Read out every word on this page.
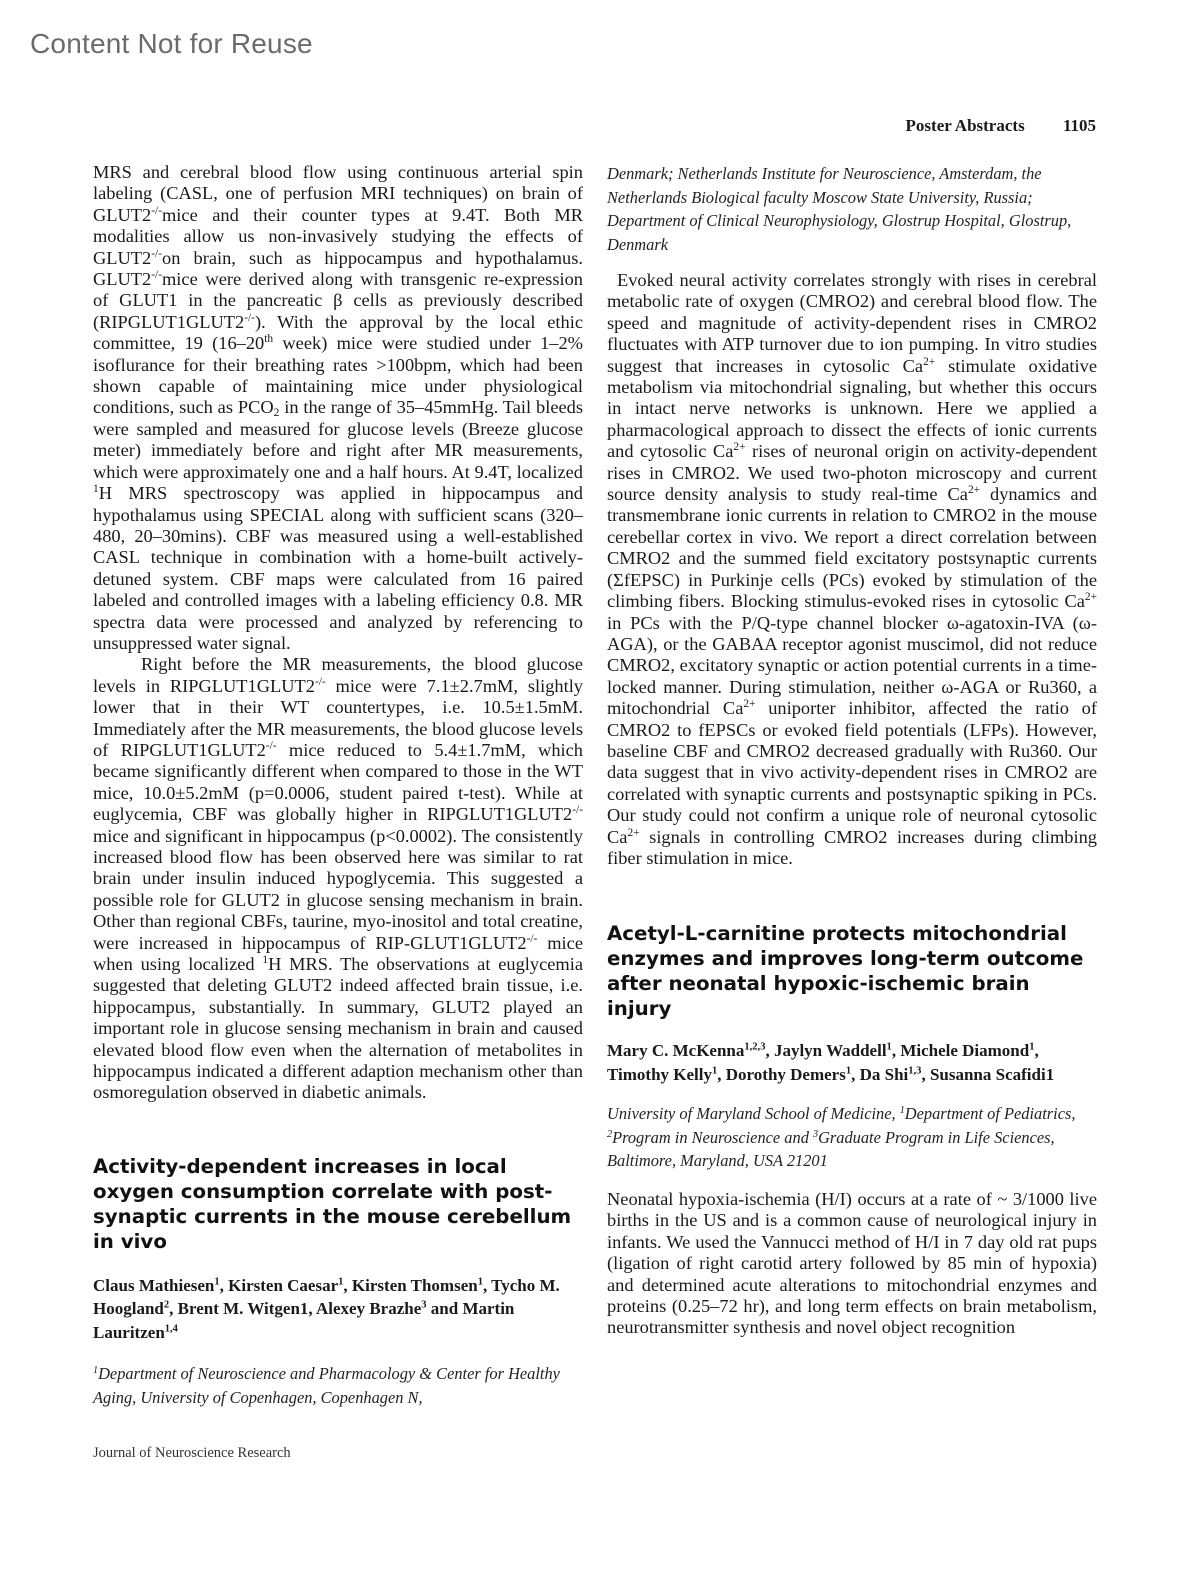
Content Not for Reuse
Poster Abstracts 1105

MRS and cerebral blood flow using continuous arterial spin labeling (CASL, one of perfusion MRI techniques) on brain of GLUT2-/-mice and their counter types at 9.4T. Both MR modalities allow us non-invasively studying the effects of GLUT2-/-on brain, such as hippocampus and hypothalamus. GLUT2-/-mice were derived along with transgenic re-expression of GLUT1 in the pancreatic β cells as previously described (RIPGLUT1GLUT2-/-). With the approval by the local ethic committee, 19 (16–20th week) mice were studied under 1–2% isoflurance for their breathing rates >100bpm, which had been shown capable of maintaining mice under physiological conditions, such as $PCO_2$ in the range of 35–45mmHg. Tail bleeds were sampled and measured for glucose levels (Breeze glucose meter) immediately before and right after MR measurements, which were approximately one and a half hours. At 9.4T, localized $^1$H MRS spectroscopy was applied in hippocampus and hypothalamus using SPECIAL along with sufficient scans (320–480, 20–30mins). CBF was measured using a well-established CASL technique in combination with a home-built actively-detuned system. CBF maps were calculated from 16 paired labeled and controlled images with a labeling efficiency 0.8. MR spectra data were processed and analyzed by referencing to unsuppressed water signal.

Right before the MR measurements, the blood glucose levels in RIPGLUT1GLUT2-/- mice were 7.1±2.7mM, slightly lower that in their WT countertypes, i.e. 10.5±1.5mM. Immediately after the MR measurements, the blood glucose levels of RIPGLUT1GLUT2-/- mice reduced to 5.4±1.7mM, which became significantly different when compared to those in the WT mice, 10.0±5.2mM (p=0.0006, student paired t-test). While at euglycemia, CBF was globally higher in RIPGLUT1GLUT2-/- mice and significant in hippocampus (p<0.0002). The consistently increased blood flow has been observed here was similar to rat brain under insulin induced hypoglycemia. This suggested a possible role for GLUT2 in glucose sensing mechanism in brain. Other than regional CBFs, taurine, myo-inositol and total creatine, were increased in hippocampus of RIP-GLUT1GLUT2-/- mice when using localized $^1$H MRS. The observations at euglycemia suggested that deleting GLUT2 indeed affected brain tissue, i.e. hippocampus, substantially. In summary, GLUT2 played an important role in glucose sensing mechanism in brain and caused elevated blood flow even when the alternation of metabolites in hippocampus indicated a different adaption mechanism other than osmoregulation observed in diabetic animals.

Activity-dependent increases in local oxygen consumption correlate with post-synaptic currents in the mouse cerebellum in vivo

Claus Mathiesen$^1$, Kirsten Caesar$^1$, Kirsten Thomsen$^1$, Tycho M. Hoogland$^2$, Brent M. Witgen1, Alexey Brazhe$^3$ and Martin Lauritzen$^{1,4}$

$^1$Department of Neuroscience and Pharmacology & Center for Healthy Aging, University of Copenhagen, Copenhagen N,

Denmark; Netherlands Institute for Neuroscience, Amsterdam, the Netherlands Biological faculty Moscow State University, Russia; Department of Clinical Neurophysiology, Glostrup Hospital, Glostrup, Denmark

Evoked neural activity correlates strongly with rises in cerebral metabolic rate of oxygen (CMRO2) and cerebral blood flow. The speed and magnitude of activity-dependent rises in CMRO2 fluctuates with ATP turnover due to ion pumping. In vitro studies suggest that increases in cytosolic $Ca^{2+}$ stimulate oxidative metabolism via mitochondrial signaling, but whether this occurs in intact nerve networks is unknown. Here we applied a pharmacological approach to dissect the effects of ionic currents and cytosolic $Ca^{2+}$ rises of neuronal origin on activity-dependent rises in CMRO2. We used two-photon microscopy and current source density analysis to study real-time $Ca^{2+}$ dynamics and transmembrane ionic currents in relation to CMRO2 in the mouse cerebellar cortex in vivo. We report a direct correlation between CMRO2 and the summed field excitatory postsynaptic currents (ΣfEPSC) in Purkinje cells (PCs) evoked by stimulation of the climbing fibers. Blocking stimulus-evoked rises in cytosolic $Ca^{2+}$ in PCs with the P/Q-type channel blocker ω-agatoxin-IVA (ω-AGA), or the GABAA receptor agonist muscimol, did not reduce CMRO2, excitatory synaptic or action potential currents in a time-locked manner. During stimulation, neither ω-AGA or Ru360, a mitochondrial $Ca^{2+}$ uniporter inhibitor, affected the ratio of CMRO2 to fEPSCs or evoked field potentials (LFPs). However, baseline CBF and CMRO2 decreased gradually with Ru360. Our data suggest that in vivo activity-dependent rises in CMRO2 are correlated with synaptic currents and postsynaptic spiking in PCs. Our study could not confirm a unique role of neuronal cytosolic $Ca^{2+}$ signals in controlling CMRO2 increases during climbing fiber stimulation in mice.

Acetyl-L-carnitine protects mitochondrial enzymes and improves long-term outcome after neonatal hypoxic-ischemic brain injury

Mary C. McKenna$^{1,2,3}$, Jaylyn Waddell$^1$, Michele Diamond$^1$, Timothy Kelly$^1$, Dorothy Demers$^1$, Da Shi$^{1,3}$, Susanna Scafidi1

University of Maryland School of Medicine, $^1$Department of Pediatrics, $^2$Program in Neuroscience and $^3$Graduate Program in Life Sciences, Baltimore, Maryland, USA 21201

Neonatal hypoxia-ischemia (H/I) occurs at a rate of ~ 3/1000 live births in the US and is a common cause of neurological injury in infants. We used the Vannucci method of H/I in 7 day old rat pups (ligation of right carotid artery followed by 85 min of hypoxia) and determined acute alterations to mitochondrial enzymes and proteins (0.25–72 hr), and long term effects on brain metabolism, neurotransmitter synthesis and novel object recognition

Journal of Neuroscience Research
